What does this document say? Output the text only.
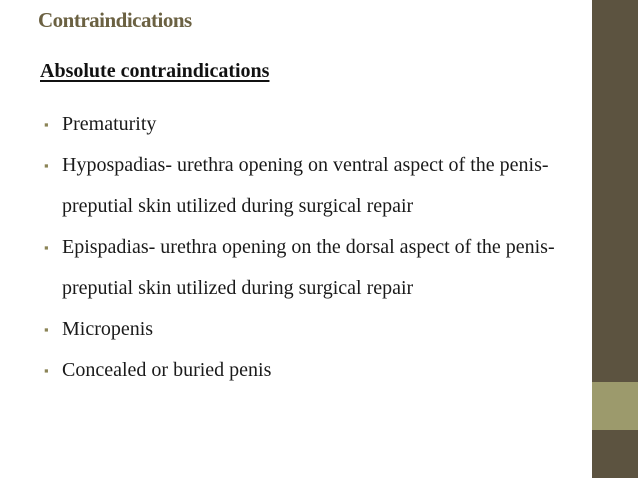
Contraindications
Absolute contraindications
▪ Prematurity
▪ Hypospadias- urethra opening on ventral aspect of the penis- preputial skin utilized during surgical repair
▪ Epispadias- urethra opening on the dorsal aspect of the penis- preputial skin utilized during surgical repair
▪ Micropenis
▪ Concealed or buried penis
